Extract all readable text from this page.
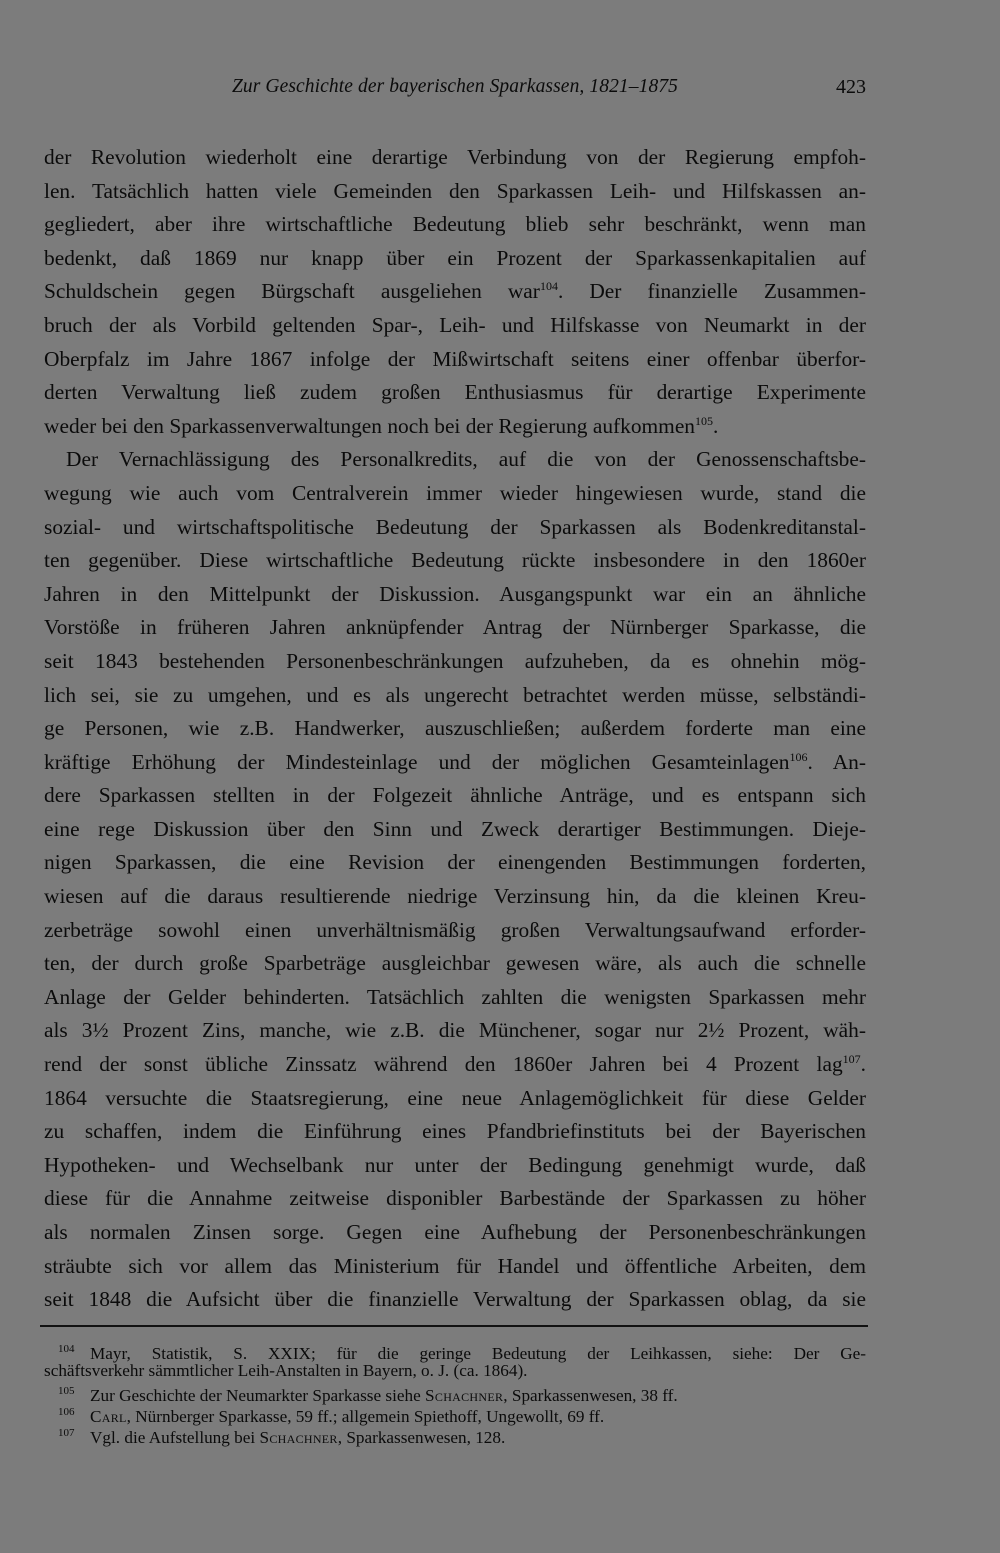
Zur Geschichte der bayerischen Sparkassen, 1821–1875	423
der Revolution wiederholt eine derartige Verbindung von der Regierung empfoh-
len. Tatsächlich hatten viele Gemeinden den Sparkassen Leih- und Hilfskassen an-
gegliedert, aber ihre wirtschaftliche Bedeutung blieb sehr beschränkt, wenn man
bedenkt, daß 1869 nur knapp über ein Prozent der Sparkassenkapitalien auf
Schuldschein gegen Bürgschaft ausgeliehen war$^{104}$. Der finanzielle Zusammen-
bruch der als Vorbild geltenden Spar-, Leih- und Hilfskasse von Neumarkt in der
Oberpfalz im Jahre 1867 infolge der Mißwirtschaft seitens einer offenbar überfor-
derten Verwaltung ließ zudem großen Enthusiasmus für derartige Experimente
weder bei den Sparkassenverwaltungen noch bei der Regierung aufkommen$^{105}$.
Der Vernachlässigung des Personalkredits, auf die von der Genossenschaftsbe-
wegung wie auch vom Centralverein immer wieder hingewiesen wurde, stand die
sozial- und wirtschaftspolitische Bedeutung der Sparkassen als Bodenkreditanstal-
ten gegenüber. Diese wirtschaftliche Bedeutung rückte insbesondere in den 1860er
Jahren in den Mittelpunkt der Diskussion. Ausgangspunkt war ein an ähnliche
Vorstöße in früheren Jahren anknüpfender Antrag der Nürnberger Sparkasse, die
seit 1843 bestehenden Personenbeschränkungen aufzuheben, da es ohnehin mög-
lich sei, sie zu umgehen, und es als ungerecht betrachtet werden müsse, selbständi-
ge Personen, wie z.B. Handwerker, auszuschließen; außerdem forderte man eine
kräftige Erhöhung der Mindesteinlage und der möglichen Gesamteinlagen$^{106}$. An-
dere Sparkassen stellten in der Folgezeit ähnliche Anträge, und es entspann sich
eine rege Diskussion über den Sinn und Zweck derartiger Bestimmungen. Dieje-
nigen Sparkassen, die eine Revision der einengenden Bestimmungen forderten,
wiesen auf die daraus resultierende niedrige Verzinsung hin, da die kleinen Kreu-
zerbeträge sowohl einen unverhältnismäßig großen Verwaltungsaufwand erforder-
ten, der durch große Sparbeträge ausgleichbar gewesen wäre, als auch die schnelle
Anlage der Gelder behinderten. Tatsächlich zahlten die wenigsten Sparkassen mehr
als 3½ Prozent Zins, manche, wie z.B. die Münchener, sogar nur 2½ Prozent, wäh-
rend der sonst übliche Zinssatz während den 1860er Jahren bei 4 Prozent lag$^{107}$.
1864 versuchte die Staatsregierung, eine neue Anlagemöglichkeit für diese Gelder
zu schaffen, indem die Einführung eines Pfandbriefinstituts bei der Bayerischen
Hypotheken- und Wechselbank nur unter der Bedingung genehmigt wurde, daß
diese für die Annahme zeitweise disponibler Barbestände der Sparkassen zu höher
als normalen Zinsen sorge. Gegen eine Aufhebung der Personenbeschränkungen
sträubte sich vor allem das Ministerium für Handel und öffentliche Arbeiten, dem
seit 1848 die Aufsicht über die finanzielle Verwaltung der Sparkassen oblag, da sie
104 Mayr, Statistik, S. XXIX; für die geringe Bedeutung der Leihkassen, siehe: Der Ge-
schäftsverkehr sämmtlicher Leih-Anstalten in Bayern, o. J. (ca. 1864).
105 Zur Geschichte der Neumarkter Sparkasse siehe Schachner, Sparkassenwesen, 38 ff.
106 Carl, Nürnberger Sparkasse, 59 ff.; allgemein Spiethoff, Ungewollt, 69 ff.
107 Vgl. die Aufstellung bei Schachner, Sparkassenwesen, 128.
